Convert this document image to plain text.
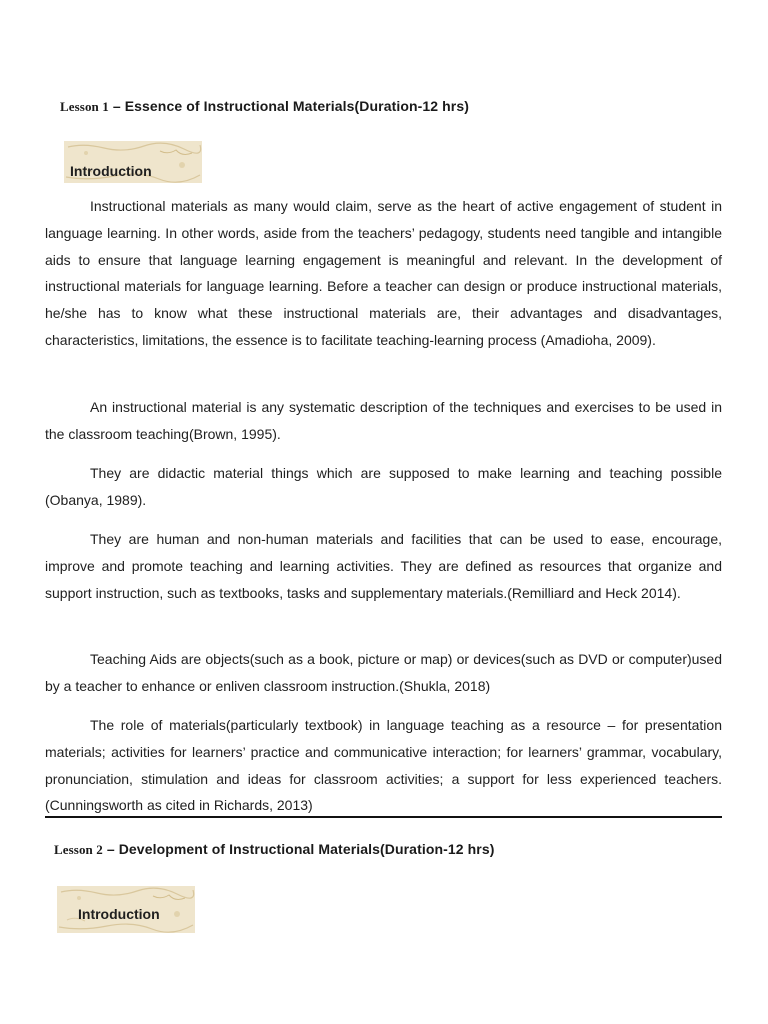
Lesson 1 – Essence of Instructional Materials(Duration-12 hrs)
Introduction

Instructional materials as many would claim, serve as the heart of active engagement of student in language learning. In other words, aside from the teachers’ pedagogy, students need tangible and intangible aids to ensure that language learning engagement is meaningful and relevant. In the development of instructional materials for language learning. Before a teacher can design or produce instructional materials, he/she has to know what these instructional materials are, their advantages and disadvantages, characteristics, limitations, the essence is to facilitate teaching-learning process (Amadioha, 2009).

An instructional material is any systematic description of the techniques and exercises to be used in the classroom teaching(Brown, 1995).

They are didactic material things which are supposed to make learning and teaching possible (Obanya, 1989).

They are human and non-human materials and facilities that can be used to ease, encourage, improve and promote teaching and learning activities. They are defined as resources that organize and support instruction, such as textbooks, tasks and supplementary materials.(Remilliard and Heck 2014).

Teaching Aids are objects(such as a book, picture or map) or devices(such as DVD or computer)used by a teacher to enhance or enliven classroom instruction.(Shukla, 2018)

The role of materials(particularly textbook) in language teaching as a resource – for presentation materials; activities for learners’ practice and communicative interaction; for learners’ grammar, vocabulary, pronunciation, stimulation and ideas for classroom activities; a support for less experienced teachers.(Cunningsworth as cited in Richards, 2013)

Lesson 2 – Development of Instructional Materials(Duration-12 hrs)
Introduction
